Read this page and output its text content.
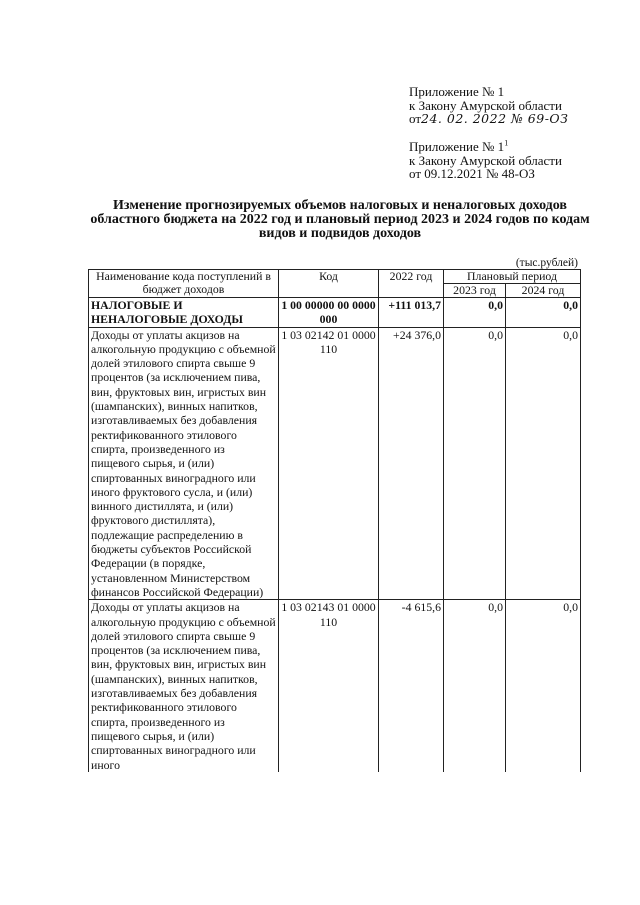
Приложение № 1
к Закону Амурской области
от24. 02. 2022 № 69-ОЗ
Приложение № $1^1$
к Закону Амурской области
от 09.12.2021 № 48-ОЗ
Изменение прогнозируемых объемов налоговых и неналоговых доходов областного бюджета на 2022 год и плановый период 2023 и 2024 годов по кодам видов и подвидов доходов
(тыс.рублей)
Наименование кода поступлений в бюджет доходов	Код	2022 год	Плановый период	
			2023 год	2024 год
НАЛОГОВЫЕ И НЕНАЛОГОВЫЕ ДОХОДЫ	1 00 00000 00 0000 000	+111 013,7	0,0	0,0
Доходы от уплаты акцизов на алкогольную продукцию с объемной долей этилового спирта свыше 9 процентов (за исключением пива, вин, фруктовых вин, игристых вин (шампанских), винных напитков, изготавливаемых без добавления ректификованного этилового спирта, произведенного из пищевого сырья, и (или) спиртованных виноградного или иного фруктового сусла, и (или) винного дистиллята, и (или) фруктового дистиллята), подлежащие распределению в бюджеты субъектов Российской Федерации (в порядке, установленном Министерством финансов Российской Федерации)	1 03 02142 01 0000 110	+24 376,0	0,0	0,0
Доходы от уплаты акцизов на алкогольную продукцию с объемной долей этилового спирта свыше 9 процентов (за исключением пива, вин, фруктовых вин, игристых вин (шампанских), винных напитков, изготавливаемых без добавления ректификованного этилового спирта, произведенного из пищевого сырья, и (или) спиртованных виноградного или иного	1 03 02143 01 0000 110	-4 615,6	0,0	0,0
